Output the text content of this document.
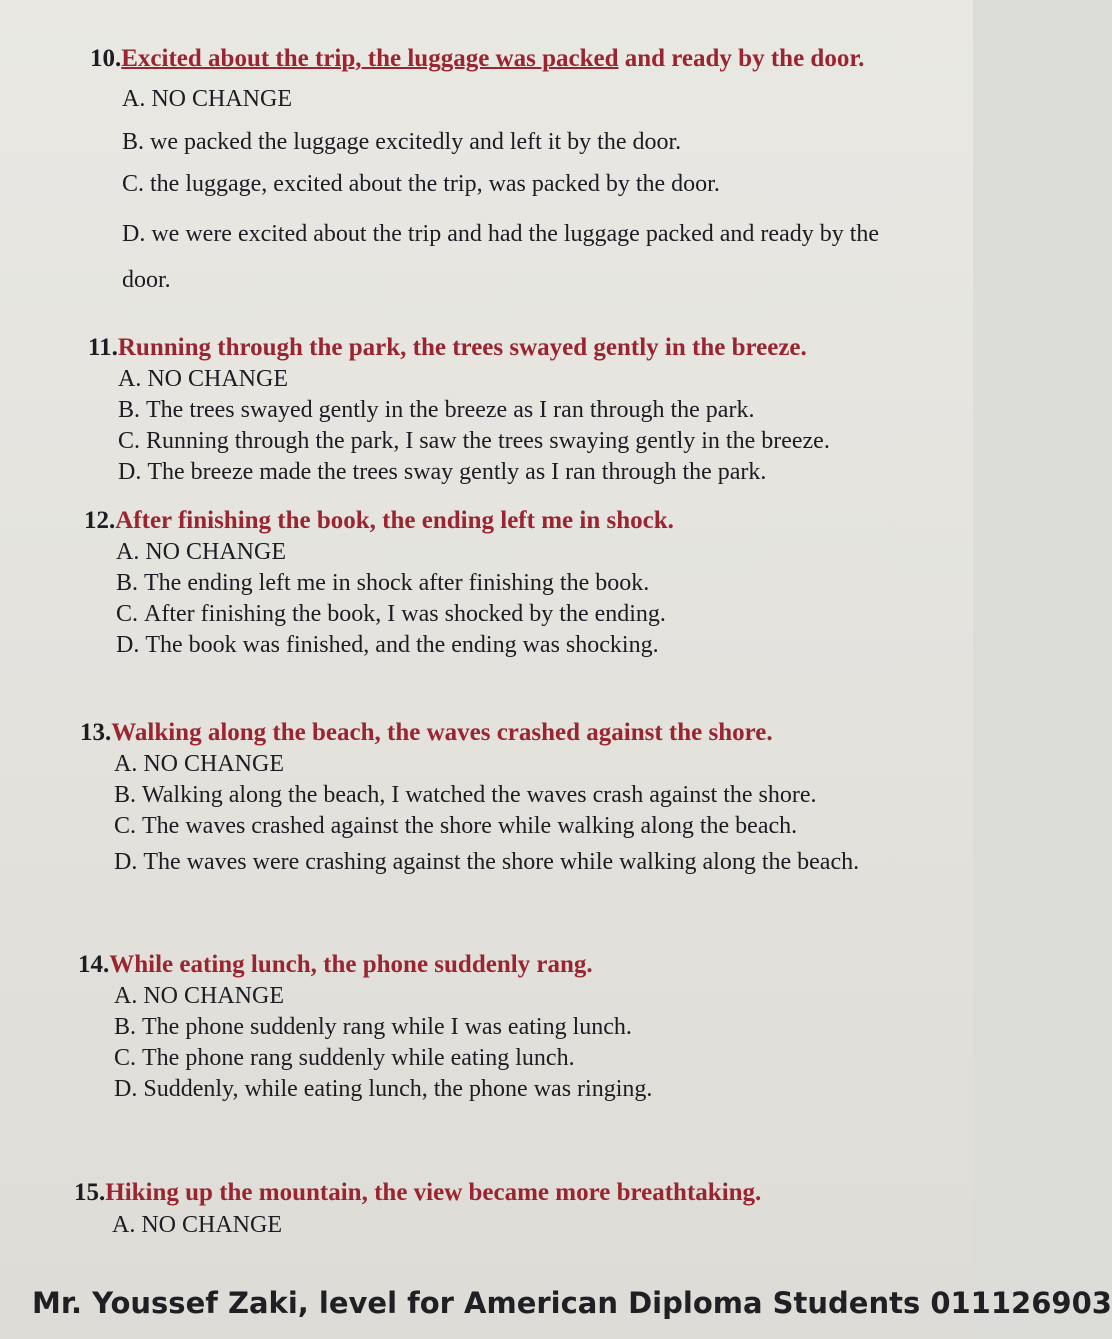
10.Excited about the trip, the luggage was packed and ready by the door.
A. NO CHANGE
B. we packed the luggage excitedly and left it by the door.
C. the luggage, excited about the trip, was packed by the door.
D. we were excited about the trip and had the luggage packed and ready by the door.
11.Running through the park, the trees swayed gently in the breeze.
A. NO CHANGE
B. The trees swayed gently in the breeze as I ran through the park.
C. Running through the park, I saw the trees swaying gently in the breeze.
D. The breeze made the trees sway gently as I ran through the park.
12.After finishing the book, the ending left me in shock.
A. NO CHANGE
B. The ending left me in shock after finishing the book.
C. After finishing the book, I was shocked by the ending.
D. The book was finished, and the ending was shocking.
13.Walking along the beach, the waves crashed against the shore.
A. NO CHANGE
B. Walking along the beach, I watched the waves crash against the shore.
C. The waves crashed against the shore while walking along the beach.
D. The waves were crashing against the shore while walking along the beach.
14.While eating lunch, the phone suddenly rang.
A. NO CHANGE
B. The phone suddenly rang while I was eating lunch.
C. The phone rang suddenly while eating lunch.
D. Suddenly, while eating lunch, the phone was ringing.
15.Hiking up the mountain, the view became more breathtaking.
A. NO CHANGE
Mr. Youssef Zaki, level for American Diploma Students 011126903
